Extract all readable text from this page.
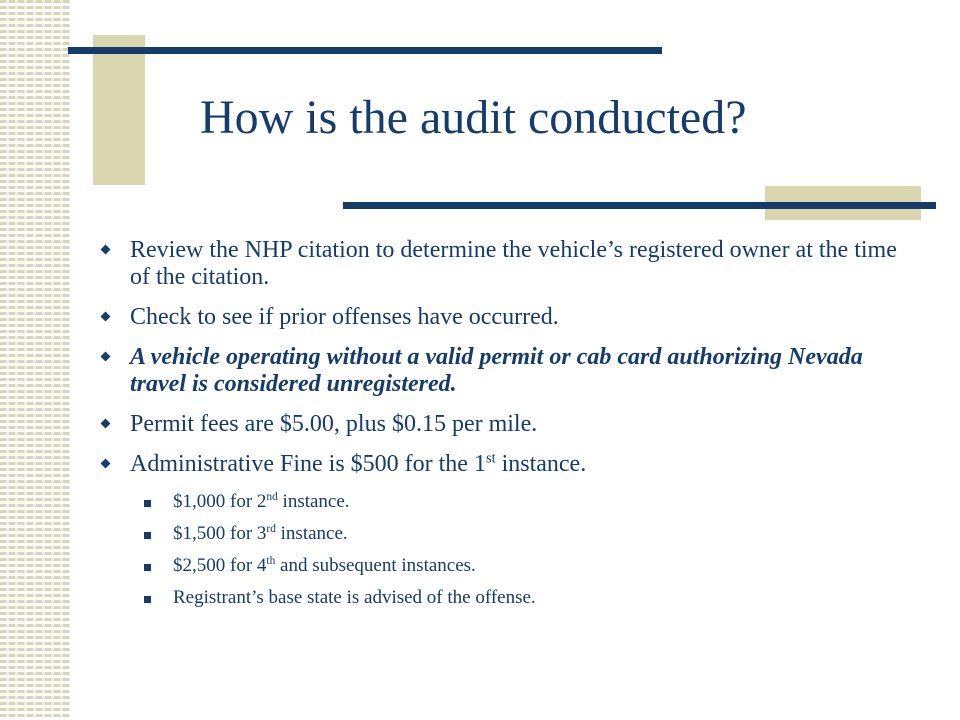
How is the audit conducted?
Review the NHP citation to determine the vehicle’s registered owner at the time of the citation.
Check to see if prior offenses have occurred.
A vehicle operating without a valid permit or cab card authorizing Nevada travel is considered unregistered.
Permit fees are $5.00, plus $0.15 per mile.
Administrative Fine is $500 for the 1st instance.
$1,000 for 2nd instance.
$1,500 for 3rd instance.
$2,500 for 4th and subsequent instances.
Registrant’s base state is advised of the offense.
